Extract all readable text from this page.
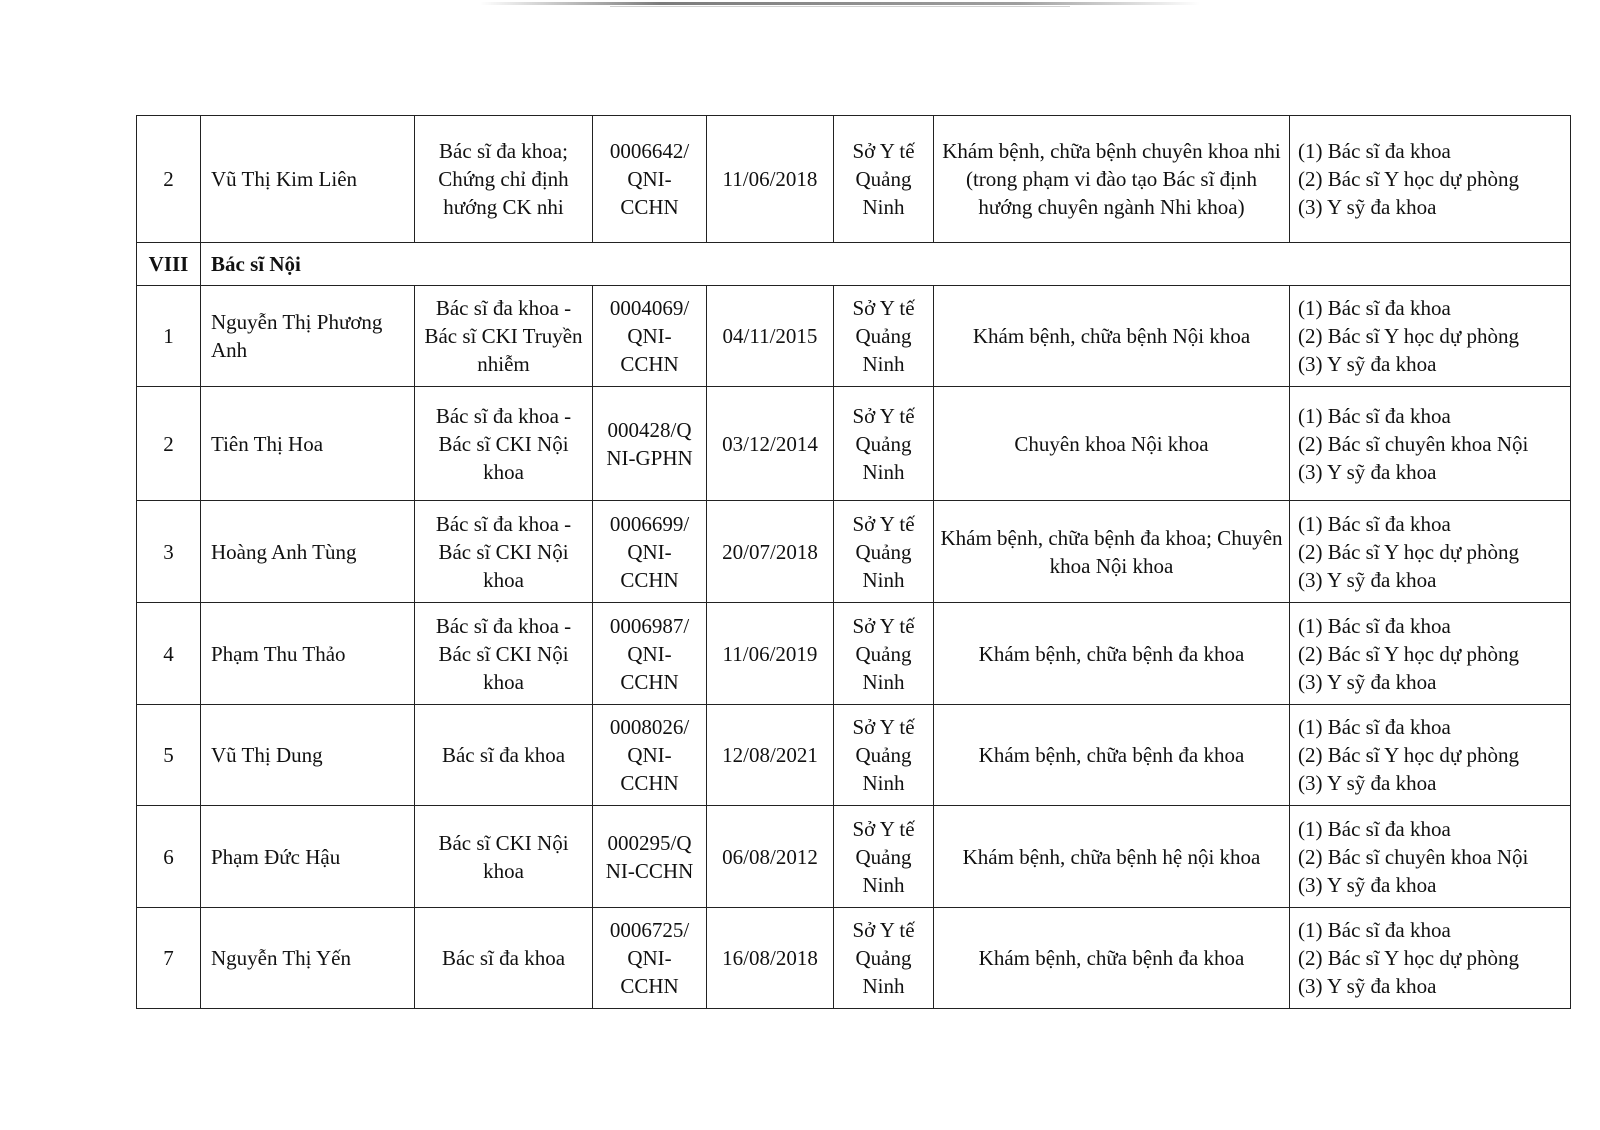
2	Vũ Thị Kim Liên	Bác sĩ đa khoa; Chứng chỉ định hướng CK nhi	0006642/ QNI-CCHN	11/06/2018	Sở Y tế Quảng Ninh	Khám bệnh, chữa bệnh chuyên khoa nhi (trong phạm vi đào tạo Bác sĩ định hướng chuyên ngành Nhi khoa)	(1) Bác sĩ đa khoa
(2) Bác sĩ Y học dự phòng
(3) Y sỹ đa khoa

VIII	Bác sĩ Nội						
1	Nguyễn Thị Phương Anh	Bác sĩ đa khoa - Bác sĩ CKI Truyền nhiễm	0004069/ QNI-CCHN	04/11/2015	Sở Y tế Quảng Ninh	Khám bệnh, chữa bệnh Nội khoa	(1) Bác sĩ đa khoa
(2) Bác sĩ Y học dự phòng
(3) Y sỹ đa khoa

2	Tiên Thị Hoa	Bác sĩ đa khoa - Bác sĩ CKI Nội khoa	000428/Q NI-GPHN	03/12/2014	Sở Y tế Quảng Ninh	Chuyên khoa Nội khoa	(1) Bác sĩ đa khoa
(2) Bác sĩ chuyên khoa Nội
(3) Y sỹ đa khoa

3	Hoàng Anh Tùng	Bác sĩ đa khoa - Bác sĩ CKI Nội khoa	0006699/ QNI-CCHN	20/07/2018	Sở Y tế Quảng Ninh	Khám bệnh, chữa bệnh đa khoa; Chuyên khoa Nội khoa	(1) Bác sĩ đa khoa
(2) Bác sĩ Y học dự phòng
(3) Y sỹ đa khoa

4	Phạm Thu Thảo	Bác sĩ đa khoa - Bác sĩ CKI Nội khoa	0006987/ QNI-CCHN	11/06/2019	Sở Y tế Quảng Ninh	Khám bệnh, chữa bệnh đa khoa	(1) Bác sĩ đa khoa
(2) Bác sĩ Y học dự phòng
(3) Y sỹ đa khoa

5	Vũ Thị Dung	Bác sĩ đa khoa	0008026/ QNI-CCHN	12/08/2021	Sở Y tế Quảng Ninh	Khám bệnh, chữa bệnh đa khoa	(1) Bác sĩ đa khoa
(2) Bác sĩ Y học dự phòng
(3) Y sỹ đa khoa

6	Phạm Đức Hậu	Bác sĩ CKI Nội khoa	000295/Q NI-CCHN	06/08/2012	Sở Y tế Quảng Ninh	Khám bệnh, chữa bệnh hệ nội khoa	(1) Bác sĩ đa khoa
(2) Bác sĩ chuyên khoa Nội
(3) Y sỹ đa khoa

7	Nguyễn Thị Yến	Bác sĩ đa khoa	0006725/ QNI-CCHN	16/08/2018	Sở Y tế Quảng Ninh	Khám bệnh, chữa bệnh đa khoa	(1) Bác sĩ đa khoa
(2) Bác sĩ Y học dự phòng
(3) Y sỹ đa khoa
